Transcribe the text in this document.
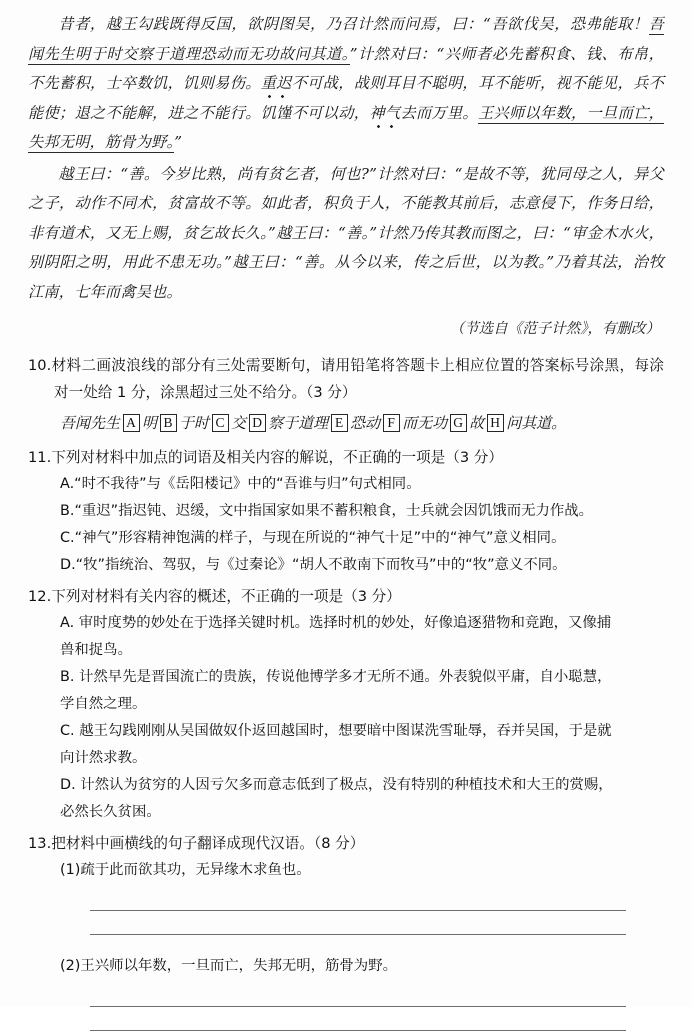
昔者，越王勾践既得反国，欲阴图吴，乃召计然而问焉，曰：“吾欲伐吴，恐弗能取！吾闻先生明于时交察于道理恐动而无功故问其道。”计然对曰：“兴师者必先蓄积食、钱、布帛，不先蓄积，士卒数饥，饥则易伤。重迟不可战，战则耳目不聪明，耳不能听，视不能见，兵不能使；退之不能解，进之不能行。饥馑不可以动，神气去而万里。王兴师以年数，一旦而亡，失邦无明，筋骨为野。”

越王曰：“善。今岁比熟，尚有贫乞者，何也?”计然对曰：“是故不等，犹同母之人，异父之子，动作不同术，贫富故不等。如此者，积负于人，不能教其前后，志意侵下，作务日给，非有道术，又无上赐，贫乞故长久。”越王曰：“善。”计然乃传其教而图之，曰：“审金木水火，别阴阳之明，用此不患无功。”越王曰：“善。从今以来，传之后世，以为教。”乃着其法，治牧江南，七年而禽吴也。

（节选自《范子计然》，有删改）

10.材料二画波浪线的部分有三处需要断句，请用铅笔将答题卡上相应位置的答案标号涂黑，每涂对一处给 1 分，涂黑超过三处不给分。（3 分）

吾闻先生 A 明 B 于时 C 交 D 察于道理 E 恐动 F 而无功 G 故 H 问其道。

11.下列对材料中加点的词语及相关内容的解说，不正确的一项是（3 分）

A.“时不我待”与《岳阳楼记》中的“吾谁与归”句式相同。

B.“重迟”指迟钝、迟缓，文中指国家如果不蓄积粮食，士兵就会因饥饿而无力作战。

C.“神气”形容精神饱满的样子，与现在所说的“神气十足”中的“神气”意义相同。

D.“牧”指统治、驾驭，与《过秦论》“胡人不敢南下而牧马”中的“牧”意义不同。

12.下列对材料有关内容的概述，不正确的一项是（3 分）

A. 审时度势的妙处在于选择关键时机。选择时机的妙处，好像追逐猎物和竞跑，又像捕

兽和捉鸟。

B. 计然早先是晋国流亡的贵族，传说他博学多才无所不通。外表貌似平庸，自小聪慧，

学自然之理。

C. 越王勾践刚刚从吴国做奴仆返回越国时，想要暗中图谋洗雪耻辱，吞并吴国，于是就

向计然求教。

D. 计然认为贫穷的人因亏欠多而意志低到了极点，没有特别的种植技术和大王的赏赐，

必然长久贫困。

13.把材料中画横线的句子翻译成现代汉语。（8 分）

(1)疏于此而欲其功，无异缘木求鱼也。

(2)王兴师以年数，一旦而亡，失邦无明，筋骨为野。
